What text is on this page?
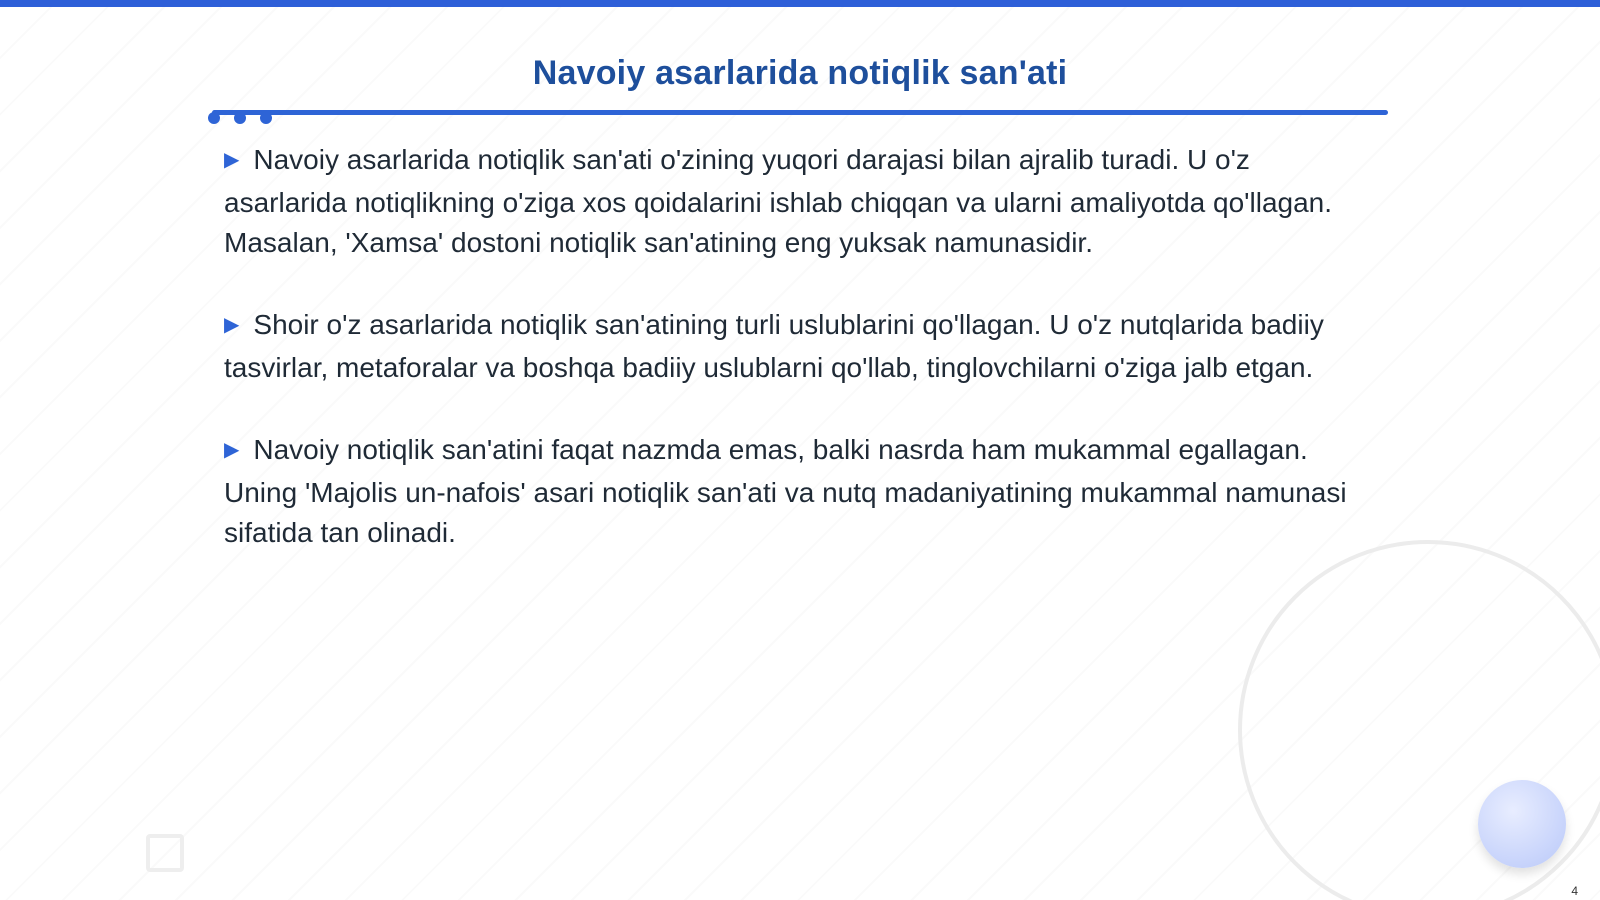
Navoiy asarlarida notiqlik san'ati
▶ Navoiy asarlarida notiqlik san'ati o'zining yuqori darajasi bilan ajralib turadi. U o'z asarlarida notiqlikning o'ziga xos qoidalarini ishlab chiqqan va ularni amaliyotda qo'llagan. Masalan, 'Xamsa' dostoni notiqlik san'atining eng yuksak namunasidir.
▶ Shoir o'z asarlarida notiqlik san'atining turli uslublarini qo'llagan. U o'z nutqlarida badiiy tasvirlar, metaforalar va boshqa badiiy uslublarni qo'llab, tinglovchilarni o'ziga jalb etgan.
▶ Navoiy notiqlik san'atini faqat nazmda emas, balki nasrda ham mukammal egallagan. Uning 'Majolis un-nafois' asari notiqlik san'ati va nutq madaniyatining mukammal namunasi sifatida tan olinadi.
4
